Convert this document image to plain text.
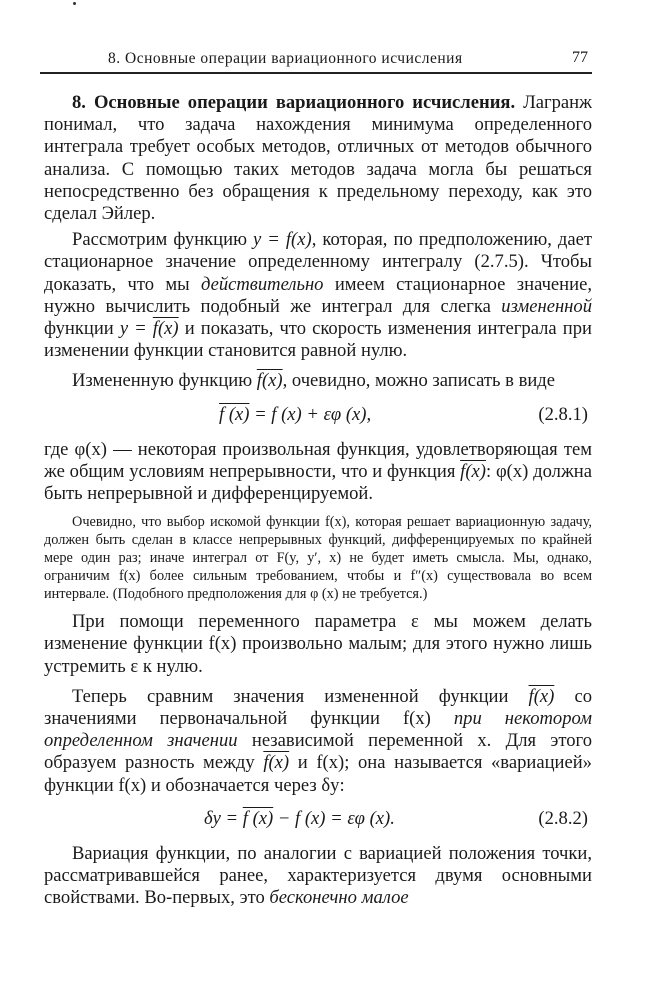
8. Основные операции вариационного исчисления	77

8. Основные операции вариационного исчисления. Лагранж понимал, что задача нахождения минимума определенного интеграла требует особых методов, отличных от методов обычного анализа. С помощью таких методов задача могла бы решаться непосредственно без обращения к предельному переходу, как это сделал Эйлер.

Рассмотрим функцию y = f(x), которая, по предположению, дает стационарное значение определенному интегралу (2.7.5). Чтобы доказать, что мы действительно имеем стационарное значение, нужно вычислить подобный же интеграл для слегка измененной функции y = f(x) и показать, что скорость изменения интеграла при изменении функции становится равной нулю.

Измененную функцию f(x), очевидно, можно записать в виде

f (x) = f (x) + εφ (x),	(2.8.1)

где φ(x) — некоторая произвольная функция, удовлетворяющая тем же общим условиям непрерывности, что и функция f(x): φ(x) должна быть непрерывной и дифференцируемой.

Очевидно, что выбор искомой функции f(x), которая решает вариационную задачу, должен быть сделан в классе непрерывных функций, дифференцируемых по крайней мере один раз; иначе интеграл от F(y, y′, x) не будет иметь смысла. Мы, однако, ограничим f(x) более сильным требованием, чтобы и f″(x) существовала во всем интервале. (Подобного предположения для φ (x) не требуется.)

При помощи переменного параметра ε мы можем делать изменение функции f(x) произвольно малым; для этого нужно лишь устремить ε к нулю.

Теперь сравним значения измененной функции f(x) со значениями первоначальной функции f(x) при некотором определенном значении независимой переменной x. Для этого образуем разность между f(x) и f(x); она называется «вариацией» функции f(x) и обозначается через δy:

δy = f (x) − f (x) = εφ (x).	(2.8.2)

Вариация функции, по аналогии с вариацией положения точки, рассматривавшейся ранее, характеризуется двумя основными свойствами. Во-первых, это бесконечно малое
